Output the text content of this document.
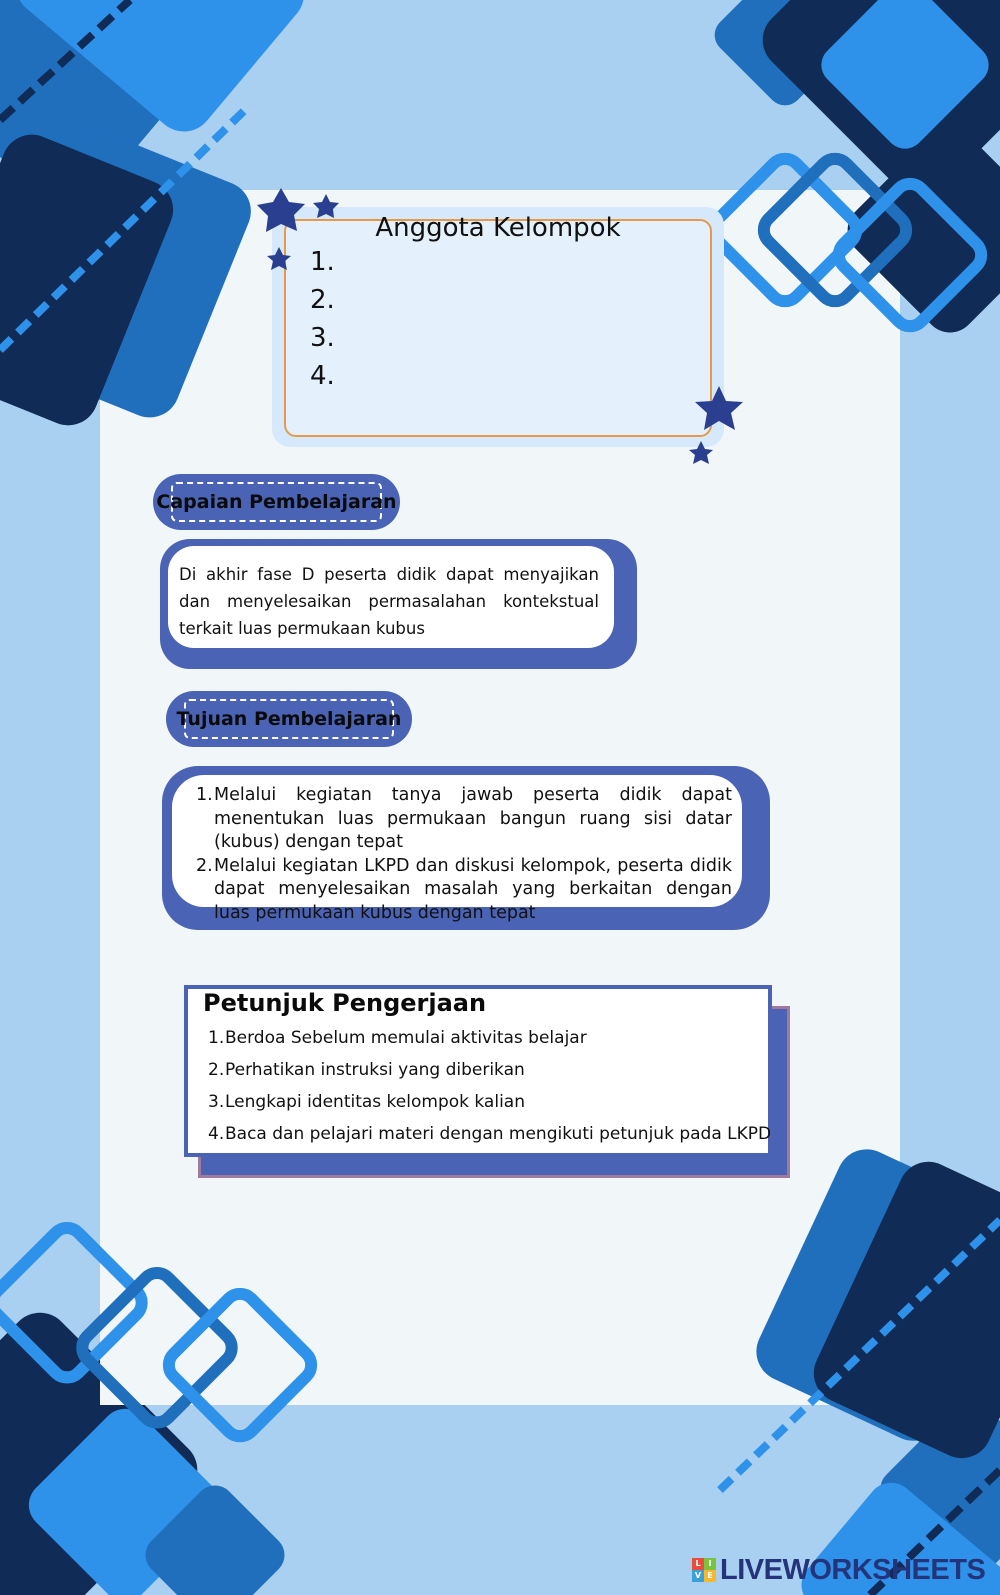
Anggota Kelompok
1.
2.
3.
4.
Capaian Pembelajaran
Di akhir fase D peserta didik dapat menyajikan dan menyelesaikan permasalahan kontekstual terkait luas permukaan kubus
Tujuan Pembelajaran
1. Melalui kegiatan tanya jawab peserta didik dapat menentukan luas permukaan bangun ruang sisi datar (kubus) dengan tepat
2. Melalui kegiatan LKPD dan diskusi kelompok, peserta didik dapat menyelesaikan masalah yang berkaitan dengan luas permukaan kubus dengan tepat
Petunjuk Pengerjaan
1. Berdoa Sebelum memulai aktivitas belajar
2. Perhatikan instruksi yang diberikan
3. Lengkapi identitas kelompok kalian
4. Baca dan pelajari materi dengan mengikuti petunjuk pada LKPD
L I
V E LIVEWORKSHEETS
